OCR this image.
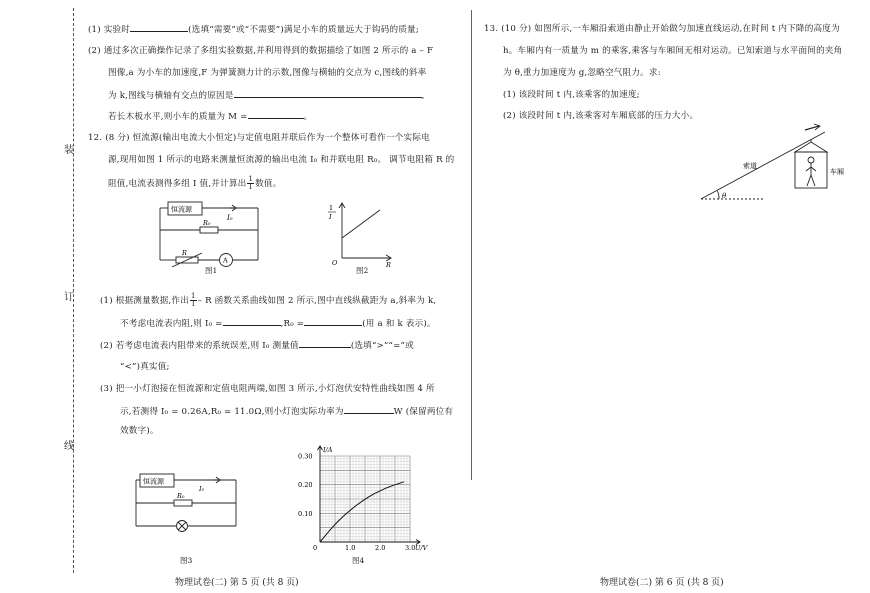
装
订
线
(1) 实验时	(选填“需要”或“不需要”)满足小车的质量远大于钩码的质量;
(2) 通过多次正确操作记录了多组实验数据,并利用得到的数据描绘了如图 2 所示的 a – F
图像,a 为小车的加速度,F 为弹簧测力计的示数,图像与横轴的交点为 c,图线的斜率
为 k,图线与横轴有交点的原因是	,
若长木板水平,则小车的质量为 M =	。
12. (8 分) 恒流源(输出电流大小恒定)与定值电阻并联后作为一个整体可看作一个实际电
源,现用如图 1 所示的电路来测量恒流源的输出电流 I₀ 和并联电阻 R₀。 调节电阻箱 R 的
阻值,电流表测得多组 I 值,并计算出 $\frac{1}{I}$ 数值。
恒流源
I₀
R₀
R
A
图1
1
I
O	R
图2
(1) 根据测量数据,作出 $\frac{1}{I}$ – R 函数关系曲线如图 2 所示,图中直线纵截距为 a,斜率为 k,
不考虑电流表内阻,则 I₀ =	,R₀ =	(用 a 和 k 表示)。
(2) 若考虑电流表内阻带来的系统误差,则 I₀ 测量值	(选填“>”“=”或
“<”)真实值;
(3) 把一小灯泡接在恒流源和定值电阻两端,如图 3 所示,小灯泡伏安特性曲线如图 4 所
示,若测得 I₀ = 0.26A,R₀ = 11.0Ω,则小灯泡实际功率为	W (保留两位有
效数字)。
恒流源
I₀
R₀
图3
1.0	2.0	3.0
0.10
0.20
0.30
I/A
U/V
0
图4
物理试卷(二) 第 5 页 (共 8 页)
13. (10 分) 如图所示,一车厢沿索道由静止开始做匀加速直线运动,在时间 t 内下降的高度为
h。车厢内有一质量为 m 的乘客,乘客与车厢间无相对运动。已知索道与水平面间的夹角
为 θ,重力加速度为 g,忽略空气阻力。求:
(1) 该段时间 t 内,该乘客的加速度;
(2) 该段时间 t 内,该乘客对车厢底部的压力大小。
θ
索道
车厢
物理试卷(二) 第 6 页 (共 8 页)
